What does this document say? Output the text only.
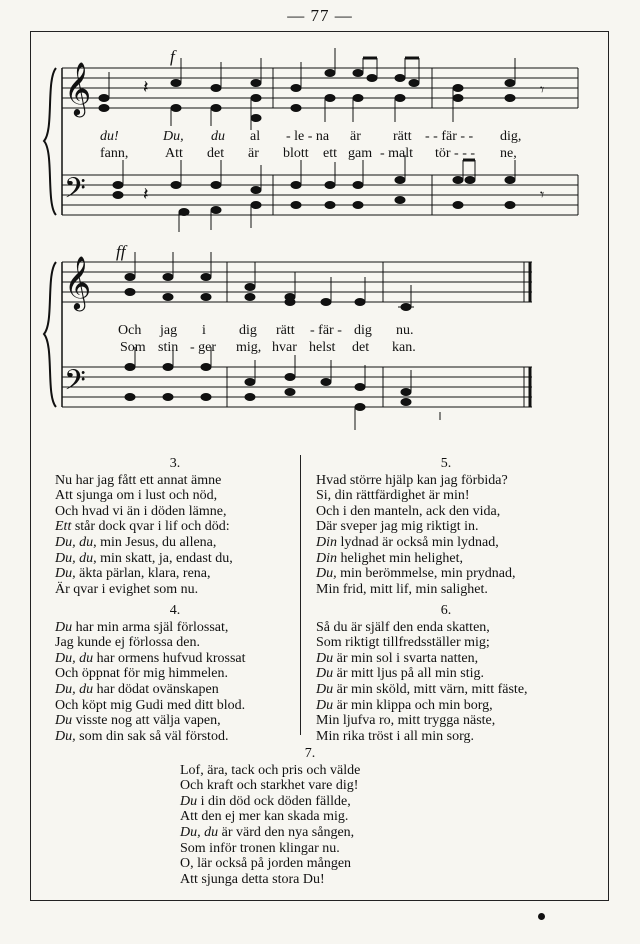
— 77 —
𝄞
𝄢
𝄞
𝄢
𝄽
𝄽
𝄾
𝄾
f
ff
du!	Du, du al - le - na är rätt - - fär - - dig,
fann,	Att det är blott ett gam - malt tör - - - ne,
Och jag i dig rätt - fär - dig nu.
Som stin - ger mig, hvar helst det kan.
3.
Nu har jag fått ett annat ämne
Att sjunga om i lust och nöd,
Och hvad vi än i döden lämne,
Ett står dock qvar i lif och död:
Du, du, min Jesus, du allena,
Du, du, min skatt, ja, endast du,
Du, äkta pärlan, klara, rena,
Är qvar i evighet som nu.
4.
Du har min arma själ förlossat,
Jag kunde ej förlossa den.
Du, du har ormens hufvud krossat
Och öppnat för mig himmelen.
Du, du har dödat ovänskapen
Och köpt mig Gudi med ditt blod.
Du visste nog att välja vapen,
Du, som din sak så väl förstod.
5.
Hvad större hjälp kan jag förbida?
Si, din rättfärdighet är min!
Och i den manteln, ack den vida,
Där sveper jag mig riktigt in.
Din lydnad är också min lydnad,
Din helighet min helighet,
Du, min berömmelse, min prydnad,
Min frid, mitt lif, min salighet.
6.
Så du är själf den enda skatten,
Som riktigt tillfredsställer mig;
Du är min sol i svarta natten,
Du är mitt ljus på all min stig.
Du är min sköld, mitt värn, mitt fäste,
Du är min klippa och min borg,
Min ljufva ro, mitt trygga näste,
Min rika tröst i all min sorg.
7.
Lof, ära, tack och pris och välde
Och kraft och starkhet vare dig!
Du i din död ock döden fällde,
Att den ej mer kan skada mig.
Du, du är värd den nya sången,
Som inför tronen klingar nu.
O, lär också på jorden mången
Att sjunga detta stora Du!
